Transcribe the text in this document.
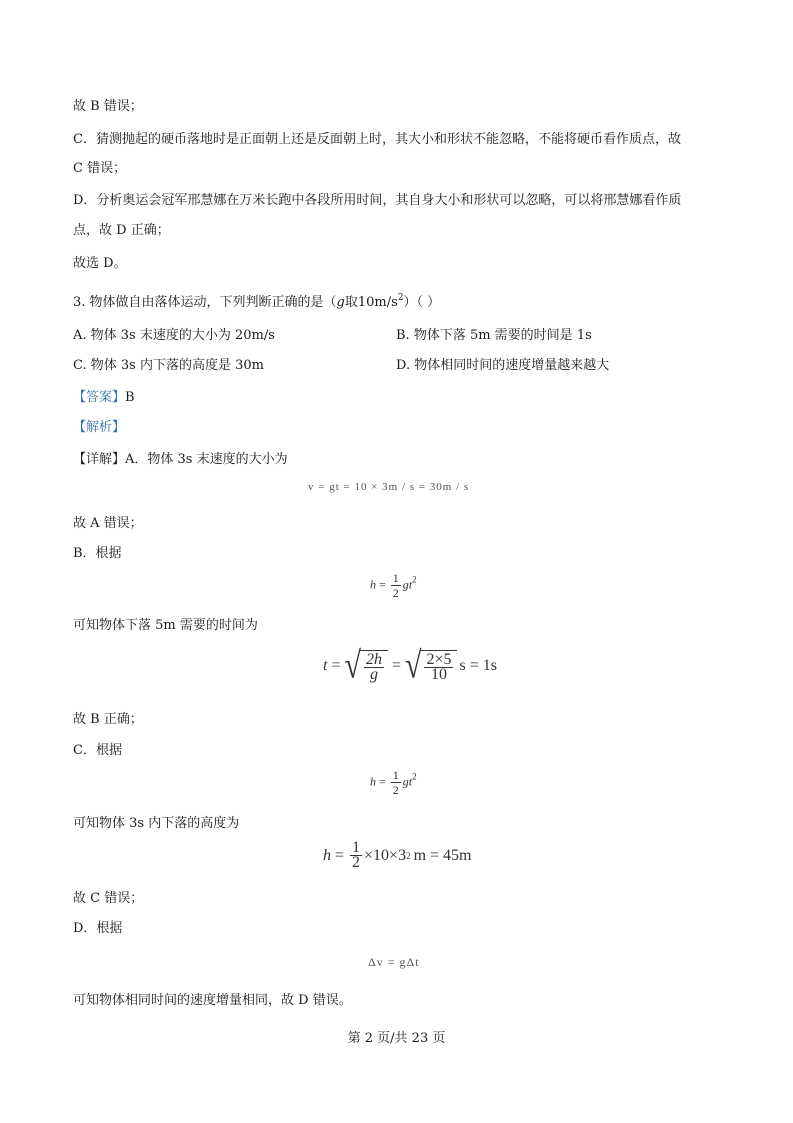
故 B 错误；
C．猜测抛起的硬币落地时是正面朝上还是反面朝上时，其大小和形状不能忽略，不能将硬币看作质点，故
C 错误；
D．分析奥运会冠军邢慧娜在万米长跑中各段所用时间，其自身大小和形状可以忽略，可以将邢慧娜看作质
点，故 D 正确；
故选 D。
3. 物体做自由落体运动，下列判断正确的是（g取$10m/s^2$）（ ）
A. 物体 3s 末速度的大小为 20m/s	B. 物体下落 5m 需要的时间是 1s
C. 物体 3s 内下落的高度是 30m	D. 物体相同时间的速度增量越来越大
【答案】B
【解析】
【详解】A．物体 3s 末速度的大小为
v = gt = 10 × 3m / s = 30m / s
故 A 错误；
B．根据
$h = \frac{1}{2} gt^2$
可知物体下落 5m 需要的时间为
t = √ $\frac{2h}{g}$ = √ $\frac{2\times 5}{10}$ s = 1s
故 B 正确；
C．根据
$h = \frac{1}{2} gt^2$
可知物体 3s 内下落的高度为
$h = \frac{1}{2} \times 10\times 3$ 2 m = 45m
故 C 错误；
D．根据
Δv = gΔt
可知物体相同时间的速度增量相同，故 D 错误。
第 2 页/共 23 页
